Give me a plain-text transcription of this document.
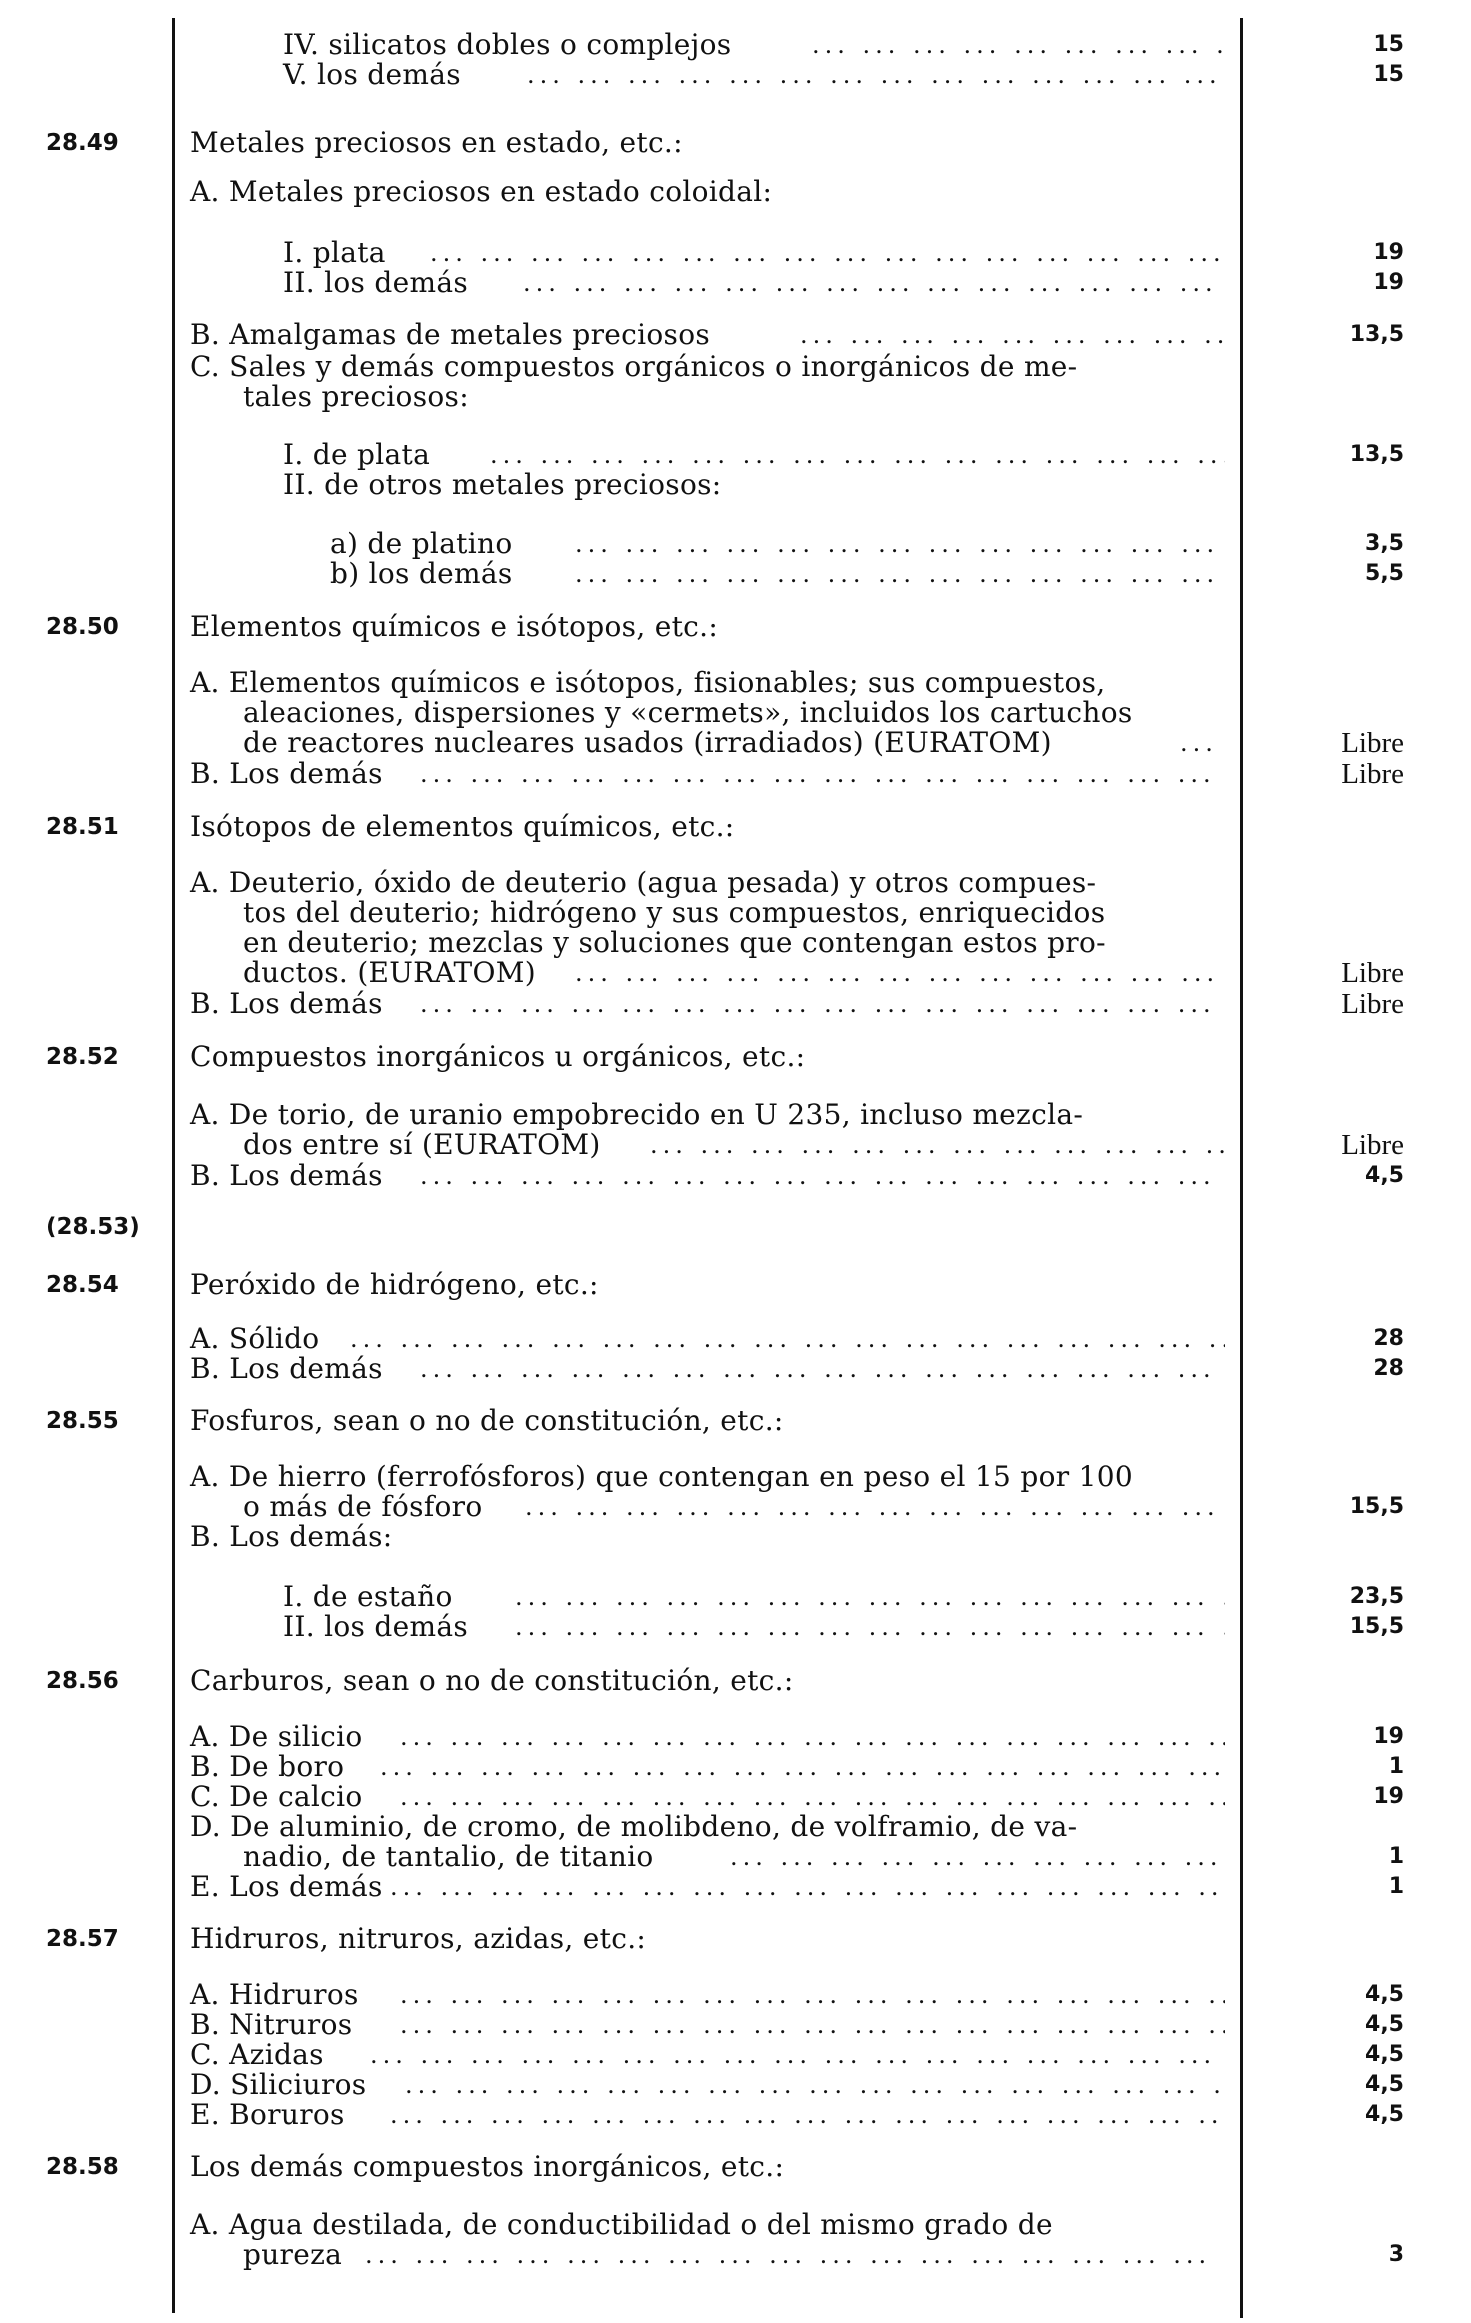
IV. silicatos dobles o complejos ... .	15
V. los demás ... .	15
28.49	Metales preciosos en estado, etc.:
A. Metales preciosos en estado coloidal:
I. plata ... .	19
II. los demás ... .	19
B. Amalgamas de metales preciosos ... .	13,5
C. Sales y demás compuestos orgánicos o inorgánicos de me-
tales preciosos:
I. de plata ... .	13,5
II. de otros metales preciosos:
a) de platino ... .	3,5
b) los demás ... .	5,5
28.50	Elementos químicos e isótopos, etc.:
A. Elementos químicos e isótopos, fisionables; sus compuestos,
aleaciones, dispersiones y «cermets», incluidos los cartuchos
de reactores nucleares usados (irradiados) (EURATOM) ... .	Libre
B. Los demás ... .	Libre
28.51	Isótopos de elementos químicos, etc.:
A. Deuterio, óxido de deuterio (agua pesada) y otros compues-
tos del deuterio; hidrógeno y sus compuestos, enriquecidos
en deuterio; mezclas y soluciones que contengan estos pro-
ductos. (EURATOM) ... .	Libre
B. Los demás ... .	Libre
28.52	Compuestos inorgánicos u orgánicos, etc.:
A. De torio, de uranio empobrecido en U 235, incluso mezcla-
dos entre sí (EURATOM) ... .	Libre
B. Los demás ... .	4,5
(28.53)
28.54	Peróxido de hidrógeno, etc.:
A. Sólido ... .	28
B. Los demás ... .	28
28.55	Fosfuros, sean o no de constitución, etc.:
A. De hierro (ferrofósforos) que contengan en peso el 15 por 100
o más de fósforo ... .	15,5
B. Los demás:
I. de estaño ... .	23,5
II. los demás ... .	15,5
28.56	Carburos, sean o no de constitución, etc.:
A. De silicio ... .	19
B. De boro ... .	1
C. De calcio ... .	19
D. De aluminio, de cromo, de molibdeno, de volframio, de va-
nadio, de tantalio, de titanio ... .	1
E. Los demás ... .	1
28.57	Hidruros, nitruros, azidas, etc.:
A. Hidruros ... .	4,5
B. Nitruros ... .	4,5
C. Azidas ... .	4,5
D. Siliciuros ... .	4,5
E. Boruros ... .	4,5
28.58	Los demás compuestos inorgánicos, etc.:
A. Agua destilada, de conductibilidad o del mismo grado de
pureza ... .	3
